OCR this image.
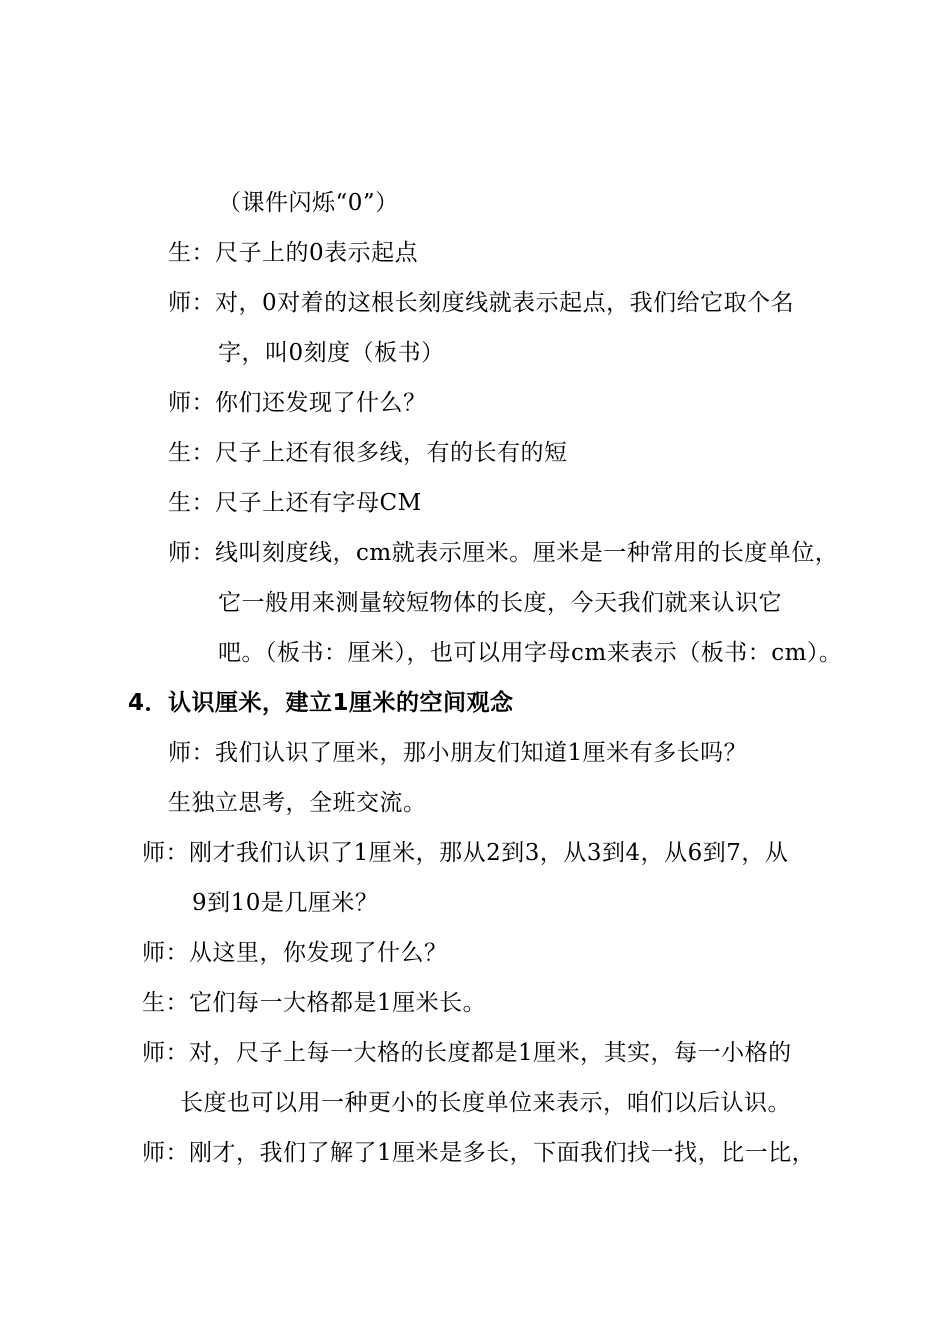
（课件闪烁“0”）
生：尺子上的0表示起点
师：对，0对着的这根长刻度线就表示起点，我们给它取个名
字，叫0刻度（板书）
师：你们还发现了什么？
生：尺子上还有很多线，有的长有的短
生：尺子上还有字母CM
师：线叫刻度线，cm就表示厘米。厘米是一种常用的长度单位，
它一般用来测量较短物体的长度，今天我们就来认识它
吧。（板书：厘米），也可以用字母cm来表示（板书：cm）。
4．认识厘米，建立1厘米的空间观念
师：我们认识了厘米，那小朋友们知道1厘米有多长吗？
生独立思考，全班交流。
师：刚才我们认识了1厘米，那从2到3，从3到4，从6到7，从
9到10是几厘米？
师：从这里，你发现了什么？
生：它们每一大格都是1厘米长。
师：对，尺子上每一大格的长度都是1厘米，其实，每一小格的
长度也可以用一种更小的长度单位来表示，咱们以后认识。
师：刚才，我们了解了1厘米是多长，下面我们找一找，比一比，
